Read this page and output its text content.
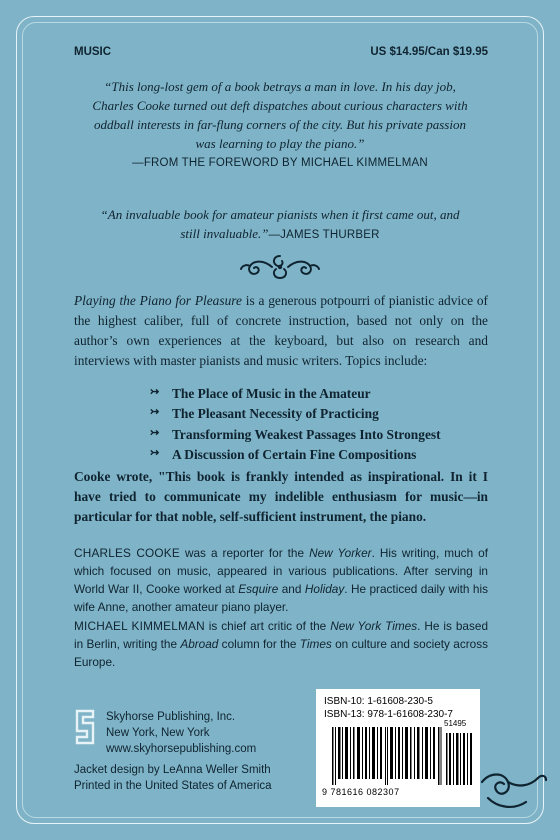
MUSIC	US $14.95/Can $19.95
“This long-lost gem of a book betrays a man in love. In his day job, Charles Cooke turned out deft dispatches about curious characters with oddball interests in far-flung corners of the city. But his private passion was learning to play the piano.”
—FROM THE FOREWORD BY MICHAEL KIMMELMAN
“An invaluable book for amateur pianists when it first came out, and still invaluable.”—JAMES THURBER
Playing the Piano for Pleasure is a generous potpourri of pianistic advice of the highest caliber, full of concrete instruction, based not only on the author’s own experiences at the keyboard, but also on research and interviews with master pianists and music writers. Topics include:
↣ The Place of Music in the Amateur
↣ The Pleasant Necessity of Practicing
↣ Transforming Weakest Passages Into Strongest
↣ A Discussion of Certain Fine Compositions
Cooke wrote, "This book is frankly intended as inspirational. In it I have tried to communicate my indelible enthusiasm for music—in particular for that noble, self-sufficient instrument, the piano.
CHARLES COOKE was a reporter for the New Yorker. His writing, much of which focused on music, appeared in various publications. After serving in World War II, Cooke worked at Esquire and Holiday. He practiced daily with his wife Anne, another amateur piano player.
MICHAEL KIMMELMAN is chief art critic of the New York Times. He is based in Berlin, writing the Abroad column for the Times on culture and society across Europe.
Skyhorse Publishing, Inc.
New York, New York
www.skyhorsepublishing.com
Jacket design by LeAnna Weller Smith
Printed in the United States of America
ISBN-10: 1-61608-230-5
ISBN-13: 978-1-61608-230-7
51495
9 781616 082307
